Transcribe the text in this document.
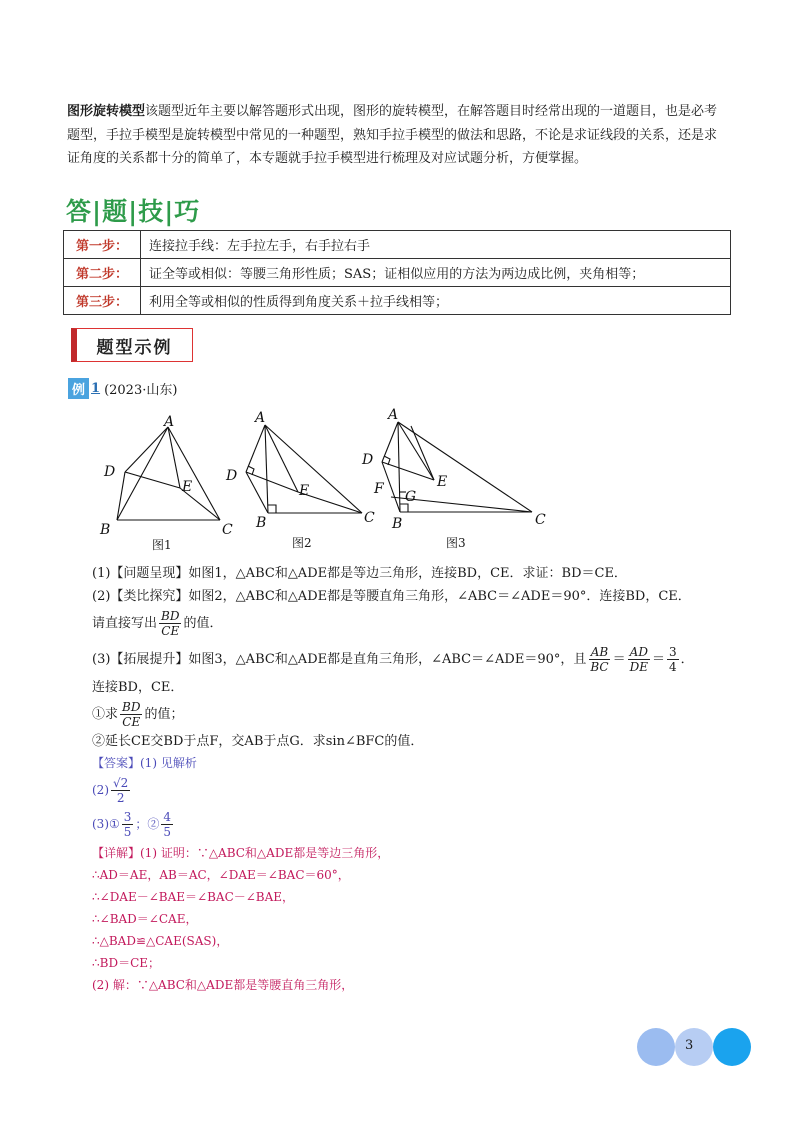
图形旋转模型该题型近年主要以解答题形式出现，图形的旋转模型，在解答题目时经常出现的一道题目，也是必考题型，手拉手模型是旋转模型中常见的一种题型，熟知手拉手模型的做法和思路，不论是求证线段的关系，还是求证角度的关系都十分的简单了，本专题就手拉手模型进行梳理及对应试题分析，方便掌握。
答|题|技|巧
第一步：	连接拉手线：左手拉左手，右手拉右手
第二步：	证全等或相似：等腰三角形性质；SAS；证相似应用的方法为两边成比例，夹角相等；
第三步：	利用全等或相似的性质得到角度关系＋拉手线相等；
题型示例
例 1 (2023·山东)
A
D
E
B	C
A
D
E
B	C
A
D
E
F G
B	C
图1	图2	图3
(1)【问题呈现】如图1，△ABC和△ADE都是等边三角形，连接BD，CE．求证：BD＝CE．
(2)【类比探究】如图2，△ABC和△ADE都是等腰直角三角形，∠ABC＝∠ADE＝90°．连接BD，CE．
请直接写出 $\frac{BD}{CE}$ 的值．
(3)【拓展提升】如图3，△ABC和△ADE都是直角三角形，∠ABC＝∠ADE＝90°，且 $\frac{AB}{BC} = \frac{AD}{DE} = \frac{3}{4}$ ．
连接BD，CE．
①求 $\frac{BD}{CE}$ 的值；
②延长CE交BD于点F，交AB于点G．求sin∠BFC的值．
【答案】(1) 见解析
$(2) \frac{√2}{2}$
(3)① $\frac{3}{5}$ ；② $\frac{4}{5}$
【详解】(1) 证明：∵△ABC和△ADE都是等边三角形，
∴AD＝AE，AB＝AC，∠DAE＝∠BAC＝60°，
∴∠DAE－∠BAE＝∠BAC－∠BAE，
∴∠BAD＝∠CAE，
∴△BAD≌△CAE(SAS)，
∴BD＝CE；
(2) 解：∵△ABC和△ADE都是等腰直角三角形，
3
